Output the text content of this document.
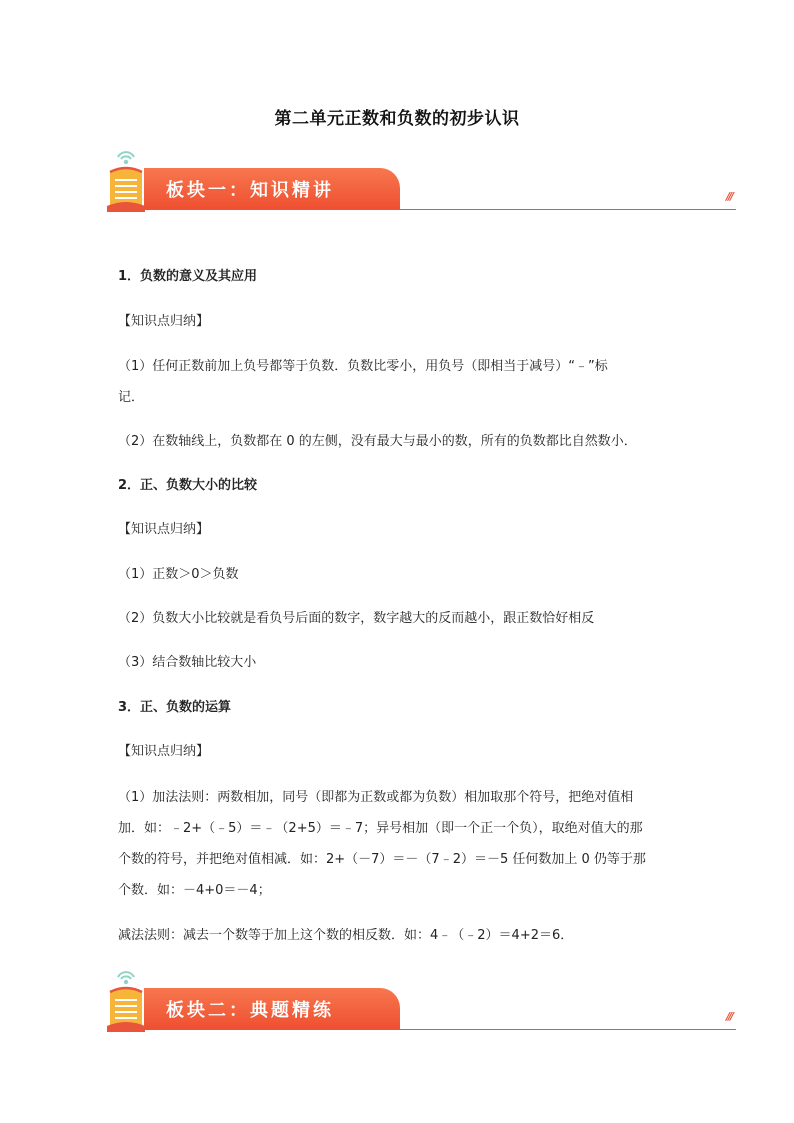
第二单元正数和负数的初步认识
板块一：知识精讲	///
1．负数的意义及其应用
【知识点归纳】
（1）任何正数前加上负号都等于负数．负数比零小，用负号（即相当于减号）“﹣”标
记．
（2）在数轴线上，负数都在 0 的左侧，没有最大与最小的数，所有的负数都比自然数小．
2．正、负数大小的比较
【知识点归纳】
（1）正数＞0＞负数
（2）负数大小比较就是看负号后面的数字，数字越大的反而越小，跟正数恰好相反
（3）结合数轴比较大小
3．正、负数的运算
【知识点归纳】
（1）加法法则：两数相加，同号（即都为正数或都为负数）相加取那个符号，把绝对值相
加．如：﹣2+（﹣5）＝﹣（2+5）＝﹣7；异号相加（即一个正一个负），取绝对值大的那
个数的符号，并把绝对值相减．如：2+（－7）＝－（7﹣2）＝－5 任何数加上 0 仍等于那
个数．如：－4+0＝－4；
减法法则：减去一个数等于加上这个数的相反数．如：4﹣（﹣2）＝4+2＝6．
板块二：典题精练	///
